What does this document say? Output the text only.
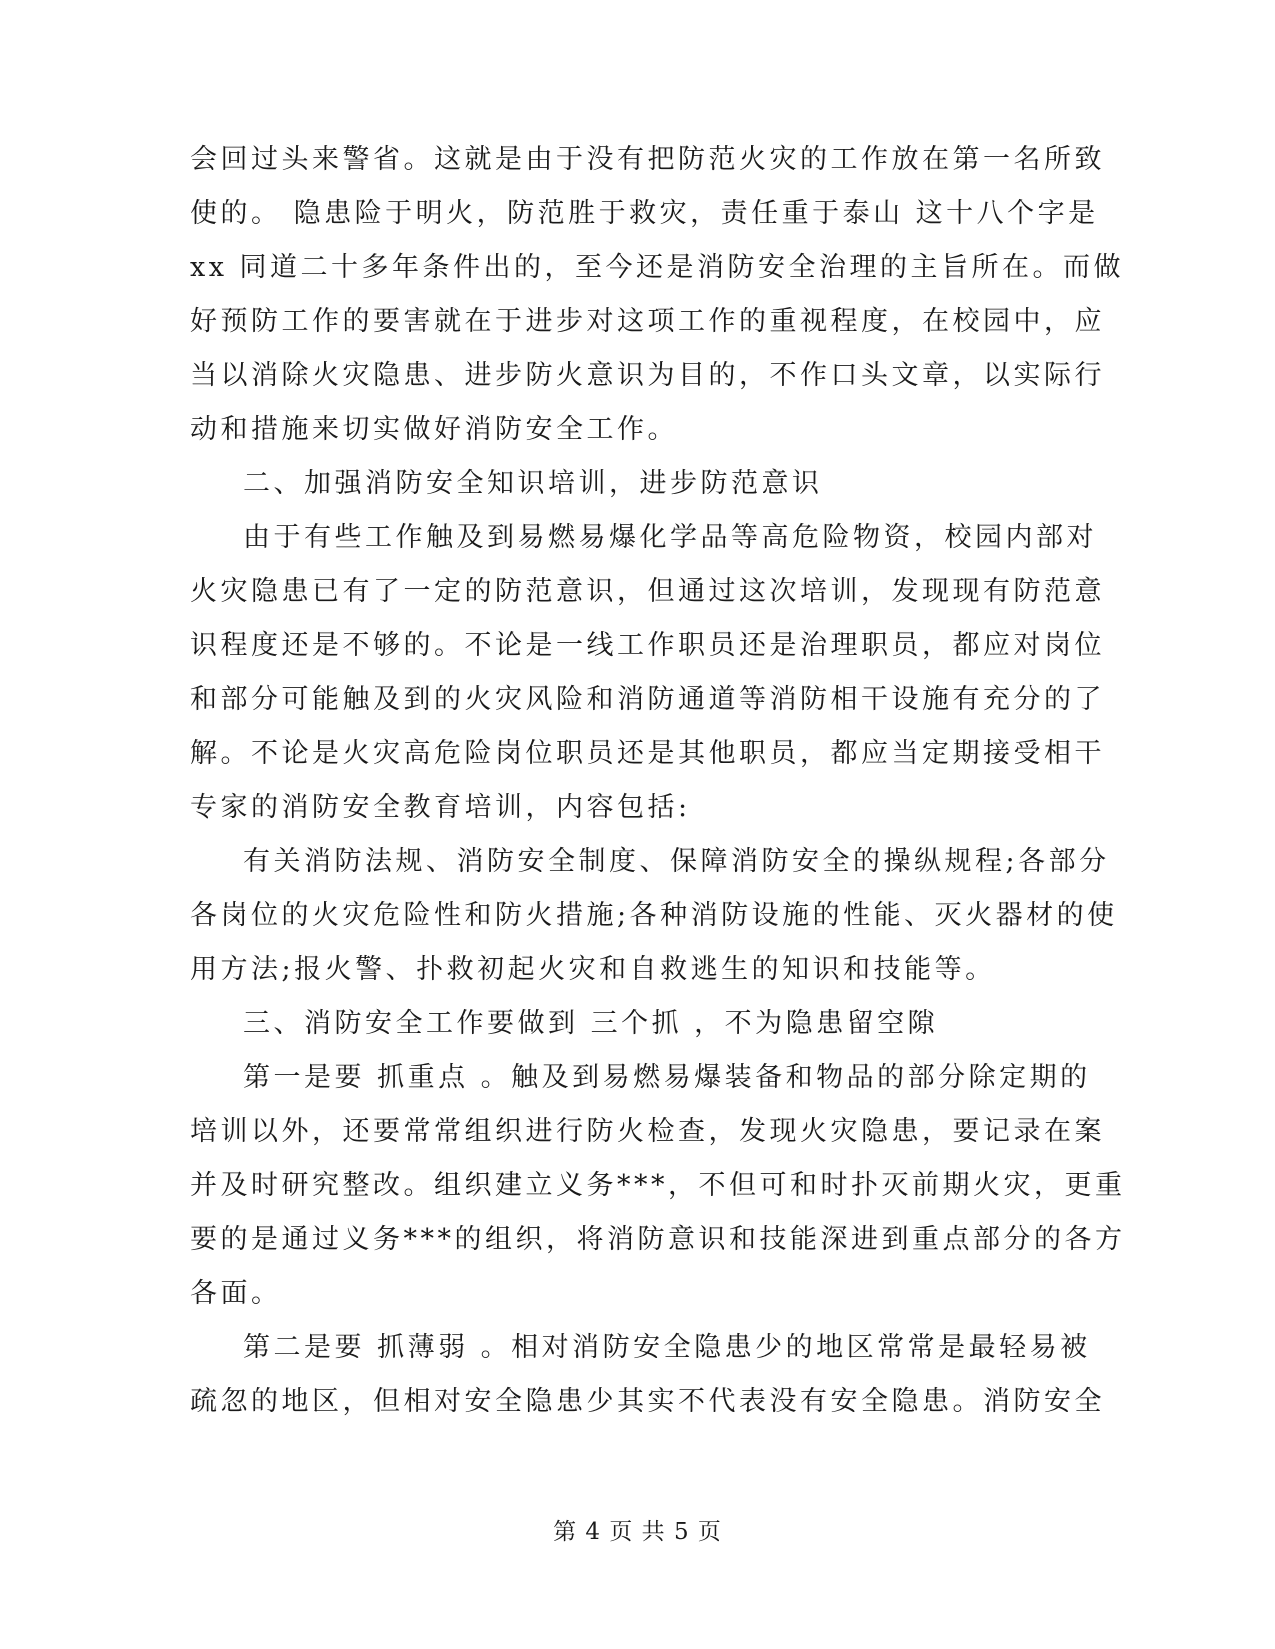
会回过头来警省。这就是由于没有把防范火灾的工作放在第一名所致
使的。 隐患险于明火，防范胜于救灾，责任重于泰山 这十八个字是
xx 同道二十多年条件出的，至今还是消防安全治理的主旨所在。而做
好预防工作的要害就在于进步对这项工作的重视程度，在校园中，应
当以消除火灾隐患、进步防火意识为目的，不作口头文章，以实际行
动和措施来切实做好消防安全工作。
二、加强消防安全知识培训，进步防范意识
由于有些工作触及到易燃易爆化学品等高危险物资，校园内部对
火灾隐患已有了一定的防范意识，但通过这次培训，发现现有防范意
识程度还是不够的。不论是一线工作职员还是治理职员，都应对岗位
和部分可能触及到的火灾风险和消防通道等消防相干设施有充分的了
解。不论是火灾高危险岗位职员还是其他职员，都应当定期接受相干
专家的消防安全教育培训，内容包括:
有关消防法规、消防安全制度、保障消防安全的操纵规程;各部分
各岗位的火灾危险性和防火措施;各种消防设施的性能、灭火器材的使
用方法;报火警、扑救初起火灾和自救逃生的知识和技能等。
三、消防安全工作要做到 三个抓 ，不为隐患留空隙
第一是要 抓重点 。触及到易燃易爆装备和物品的部分除定期的
培训以外，还要常常组织进行防火检查，发现火灾隐患，要记录在案
并及时研究整改。组织建立义务***，不但可和时扑灭前期火灾，更重
要的是通过义务***的组织，将消防意识和技能深进到重点部分的各方
各面。
第二是要 抓薄弱 。相对消防安全隐患少的地区常常是最轻易被
疏忽的地区，但相对安全隐患少其实不代表没有安全隐患。消防安全
第 4 页 共 5 页
